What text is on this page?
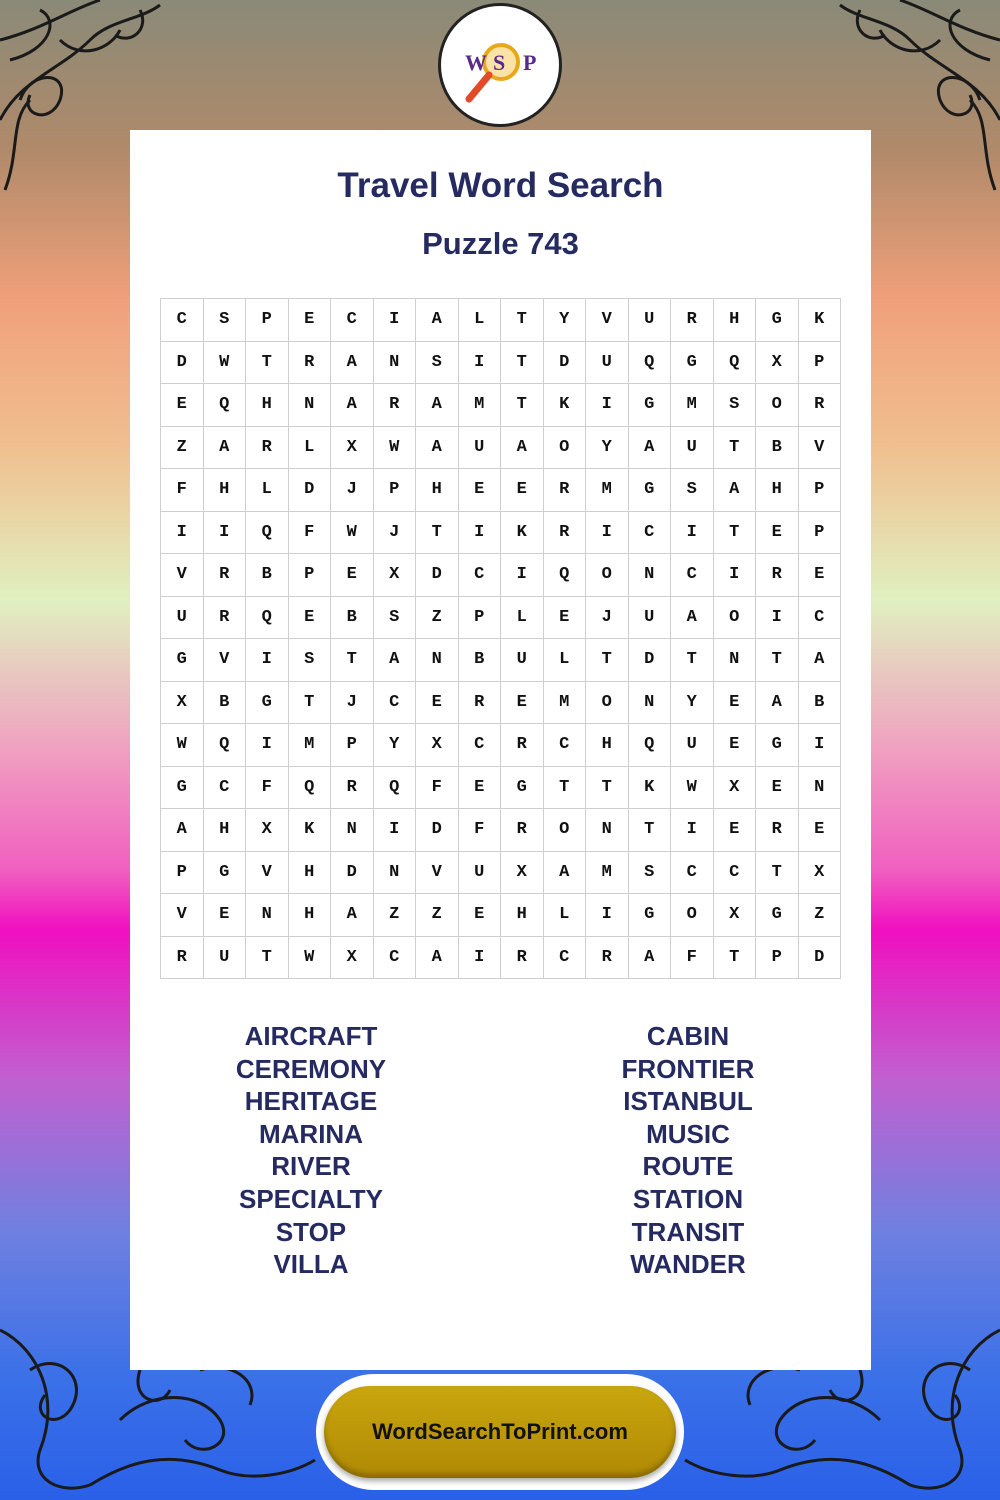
W S P
Travel Word Search
Puzzle 743
C	S	P	E	C	I	A	L	T	Y	V	U	R	H	G	K
D	W	T	R	A	N	S	I	T	D	U	Q	G	Q	X	P
E	Q	H	N	A	R	A	M	T	K	I	G	M	S	O	R
Z	A	R	L	X	W	A	U	A	O	Y	A	U	T	B	V
F	H	L	D	J	P	H	E	E	R	M	G	S	A	H	P
I	I	Q	F	W	J	T	I	K	R	I	C	I	T	E	P
V	R	B	P	E	X	D	C	I	Q	O	N	C	I	R	E
U	R	Q	E	B	S	Z	P	L	E	J	U	A	O	I	C
G	V	I	S	T	A	N	B	U	L	T	D	T	N	T	A
X	B	G	T	J	C	E	R	E	M	O	N	Y	E	A	B
W	Q	I	M	P	Y	X	C	R	C	H	Q	U	E	G	I
G	C	F	Q	R	Q	F	E	G	T	T	K	W	X	E	N
A	H	X	K	N	I	D	F	R	O	N	T	I	E	R	E
P	G	V	H	D	N	V	U	X	A	M	S	C	C	T	X
V	E	N	H	A	Z	Z	E	H	L	I	G	O	X	G	Z
R	U	T	W	X	C	A	I	R	C	R	A	F	T	P	D
AIRCRAFT
CEREMONY
HERITAGE
MARINA
RIVER
SPECIALTY
STOP
VILLA
CABIN
FRONTIER
ISTANBUL
MUSIC
ROUTE
STATION
TRANSIT
WANDER
WordSearchToPrint.com
